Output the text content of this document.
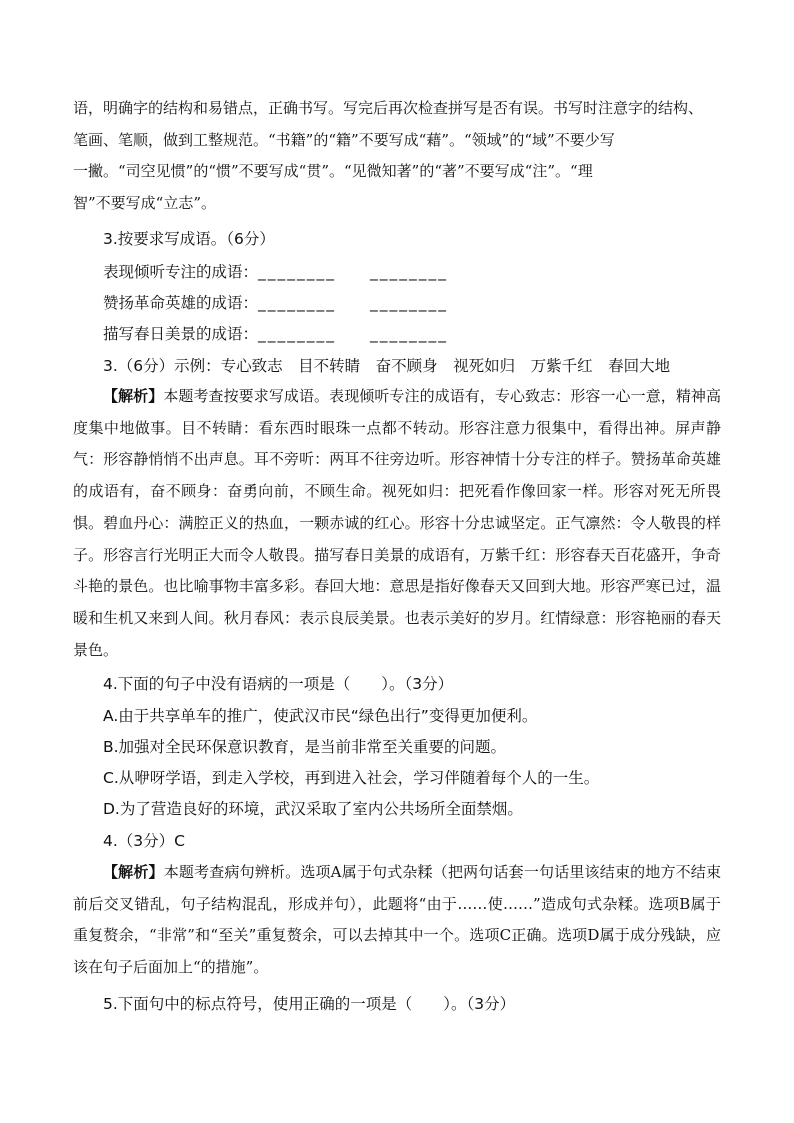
语，明确字的结构和易错点，正确书写。写完后再次检查拼写是否有误。书写时注意字的结构、
笔画、笔顺，做到工整规范。“书籍”的“籍”不要写成“藉”。“领域”的“域”不要少写
一撇。“司空见惯”的“惯”不要写成“贯”。“见微知著”的“著”不要写成“注”。“理
智”不要写成“立志”。

3.按要求写成语。（6分）

表现倾听专注的成语：________ ________

赞扬革命英雄的成语：________ ________

描写春日美景的成语：________ ________

3.（6分）示例：专心致志　目不转睛　奋不顾身　视死如归　万紫千红　春回大地

【解析】本题考查按要求写成语。表现倾听专注的成语有，专心致志：形容一心一意，精神高度集中地做事。目不转睛：看东西时眼珠一点都不转动。形容注意力很集中，看得出神。屏声静气：形容静悄悄不出声息。耳不旁听：两耳不往旁边听。形容神情十分专注的样子。赞扬革命英雄的成语有，奋不顾身：奋勇向前，不顾生命。视死如归：把死看作像回家一样。形容对死无所畏惧。碧血丹心：满腔正义的热血，一颗赤诚的红心。形容十分忠诚坚定。正气凛然：令人敬畏的样子。形容言行光明正大而令人敬畏。描写春日美景的成语有，万紫千红：形容春天百花盛开，争奇斗艳的景色。也比喻事物丰富多彩。春回大地：意思是指好像春天又回到大地。形容严寒已过，温暖和生机又来到人间。秋月春风：表示良辰美景。也表示美好的岁月。红情绿意：形容艳丽的春天景色。

4.下面的句子中没有语病的一项是（　　）。（3分）

A.由于共享单车的推广，使武汉市民“绿色出行”变得更加便利。

B.加强对全民环保意识教育，是当前非常至关重要的问题。

C.从咿呀学语，到走入学校，再到进入社会，学习伴随着每个人的一生。

D.为了营造良好的环境，武汉采取了室内公共场所全面禁烟。

4.（3分）C

【解析】本题考查病句辨析。选项A属于句式杂糅（把两句话套一句话里该结束的地方不结束前后交叉错乱，句子结构混乱，形成并句），此题将“由于……使……”造成句式杂糅。选项B属于重复赘余，“非常”和“至关”重复赘余，可以去掉其中一个。选项C正确。选项D属于成分残缺，应该在句子后面加上“的措施”。

5.下面句中的标点符号，使用正确的一项是（　　）。（3分）
